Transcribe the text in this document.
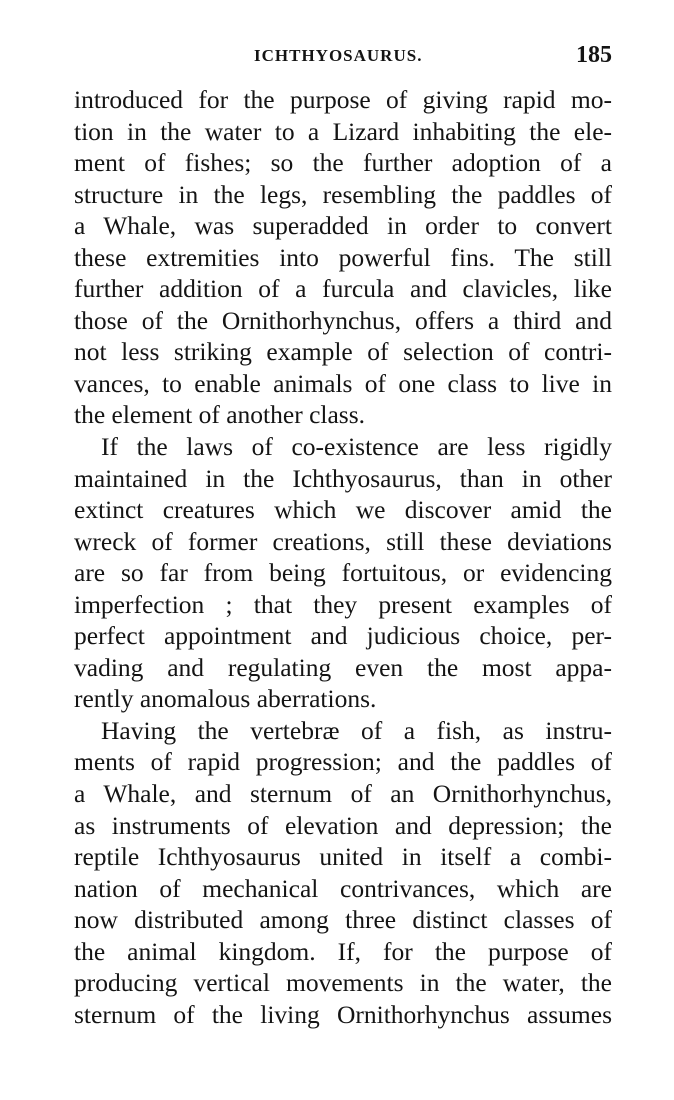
ICHTHYOSAURUS.	185
introduced for the purpose of giving rapid mo-
tion in the water to a Lizard inhabiting the ele-
ment of fishes; so the further adoption of a
structure in the legs, resembling the paddles of
a Whale, was superadded in order to convert
these extremities into powerful fins. The still
further addition of a furcula and clavicles, like
those of the Ornithorhynchus, offers a third and
not less striking example of selection of contri-
vances, to enable animals of one class to live in
the element of another class.
If the laws of co-existence are less rigidly
maintained in the Ichthyosaurus, than in other
extinct creatures which we discover amid the
wreck of former creations, still these deviations
are so far from being fortuitous, or evidencing
imperfection ; that they present examples of
perfect appointment and judicious choice, per-
vading and regulating even the most appa-
rently anomalous aberrations.
Having the vertebræ of a fish, as instru-
ments of rapid progression; and the paddles of
a Whale, and sternum of an Ornithorhynchus,
as instruments of elevation and depression; the
reptile Ichthyosaurus united in itself a combi-
nation of mechanical contrivances, which are
now distributed among three distinct classes of
the animal kingdom. If, for the purpose of
producing vertical movements in the water, the
sternum of the living Ornithorhynchus assumes
